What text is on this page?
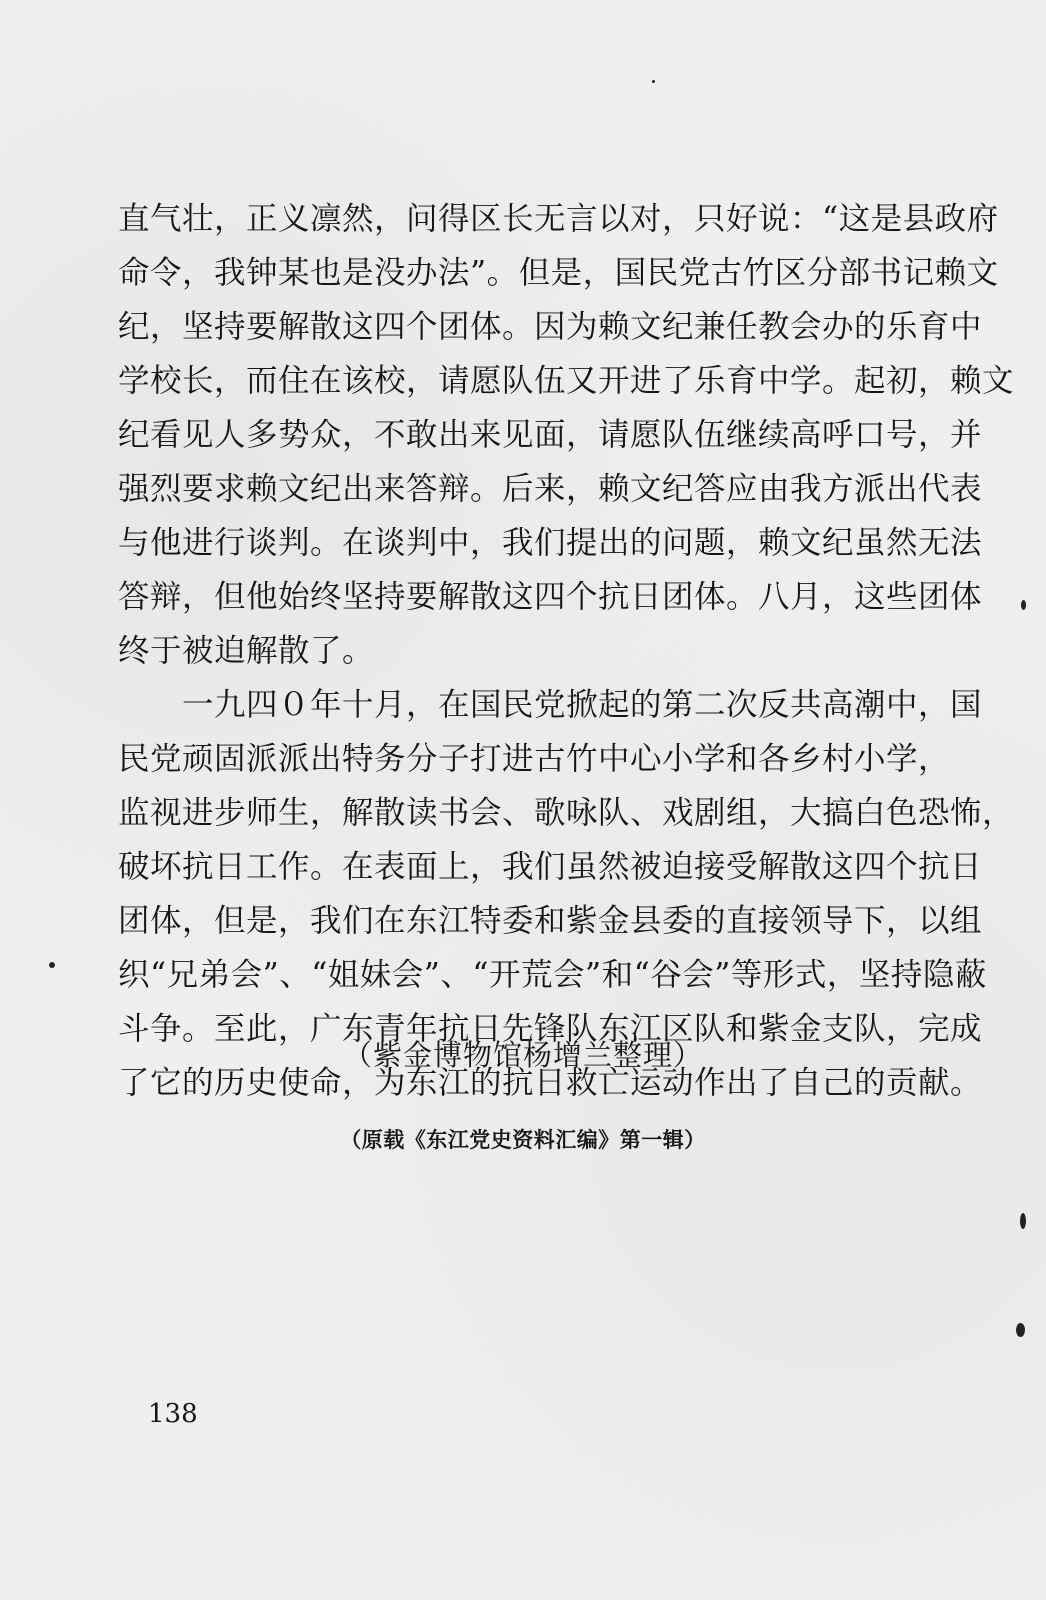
直气壮，正义凛然，问得区长无言以对，只好说：“这是县政府
命令，我钟某也是没办法”。但是，国民党古竹区分部书记赖文
纪，坚持要解散这四个团体。因为赖文纪兼任教会办的乐育中
学校长，而住在该校，请愿队伍又开进了乐育中学。起初，赖文
纪看见人多势众，不敢出来见面，请愿队伍继续高呼口号，并
强烈要求赖文纪出来答辩。后来，赖文纪答应由我方派出代表
与他进行谈判。在谈判中，我们提出的问题，赖文纪虽然无法
答辩，但他始终坚持要解散这四个抗日团体。八月，这些团体
终于被迫解散了。
一九四０年十月，在国民党掀起的第二次反共高潮中，国
民党顽固派派出特务分子打进古竹中心小学和各乡村小学，
监视进步师生，解散读书会、歌咏队、戏剧组，大搞白色恐怖，
破坏抗日工作。在表面上，我们虽然被迫接受解散这四个抗日
团体，但是，我们在东江特委和紫金县委的直接领导下，以组
织“兄弟会”、“姐妹会”、“开荒会”和“谷会”等形式，坚持隐蔽
斗争。至此，广东青年抗日先锋队东江区队和紫金支队，完成
了它的历史使命，为东江的抗日救亡运动作出了自己的贡献。
（紫金博物馆杨增兰整理）
（原载《东江党史资料汇编》第一辑）
138
